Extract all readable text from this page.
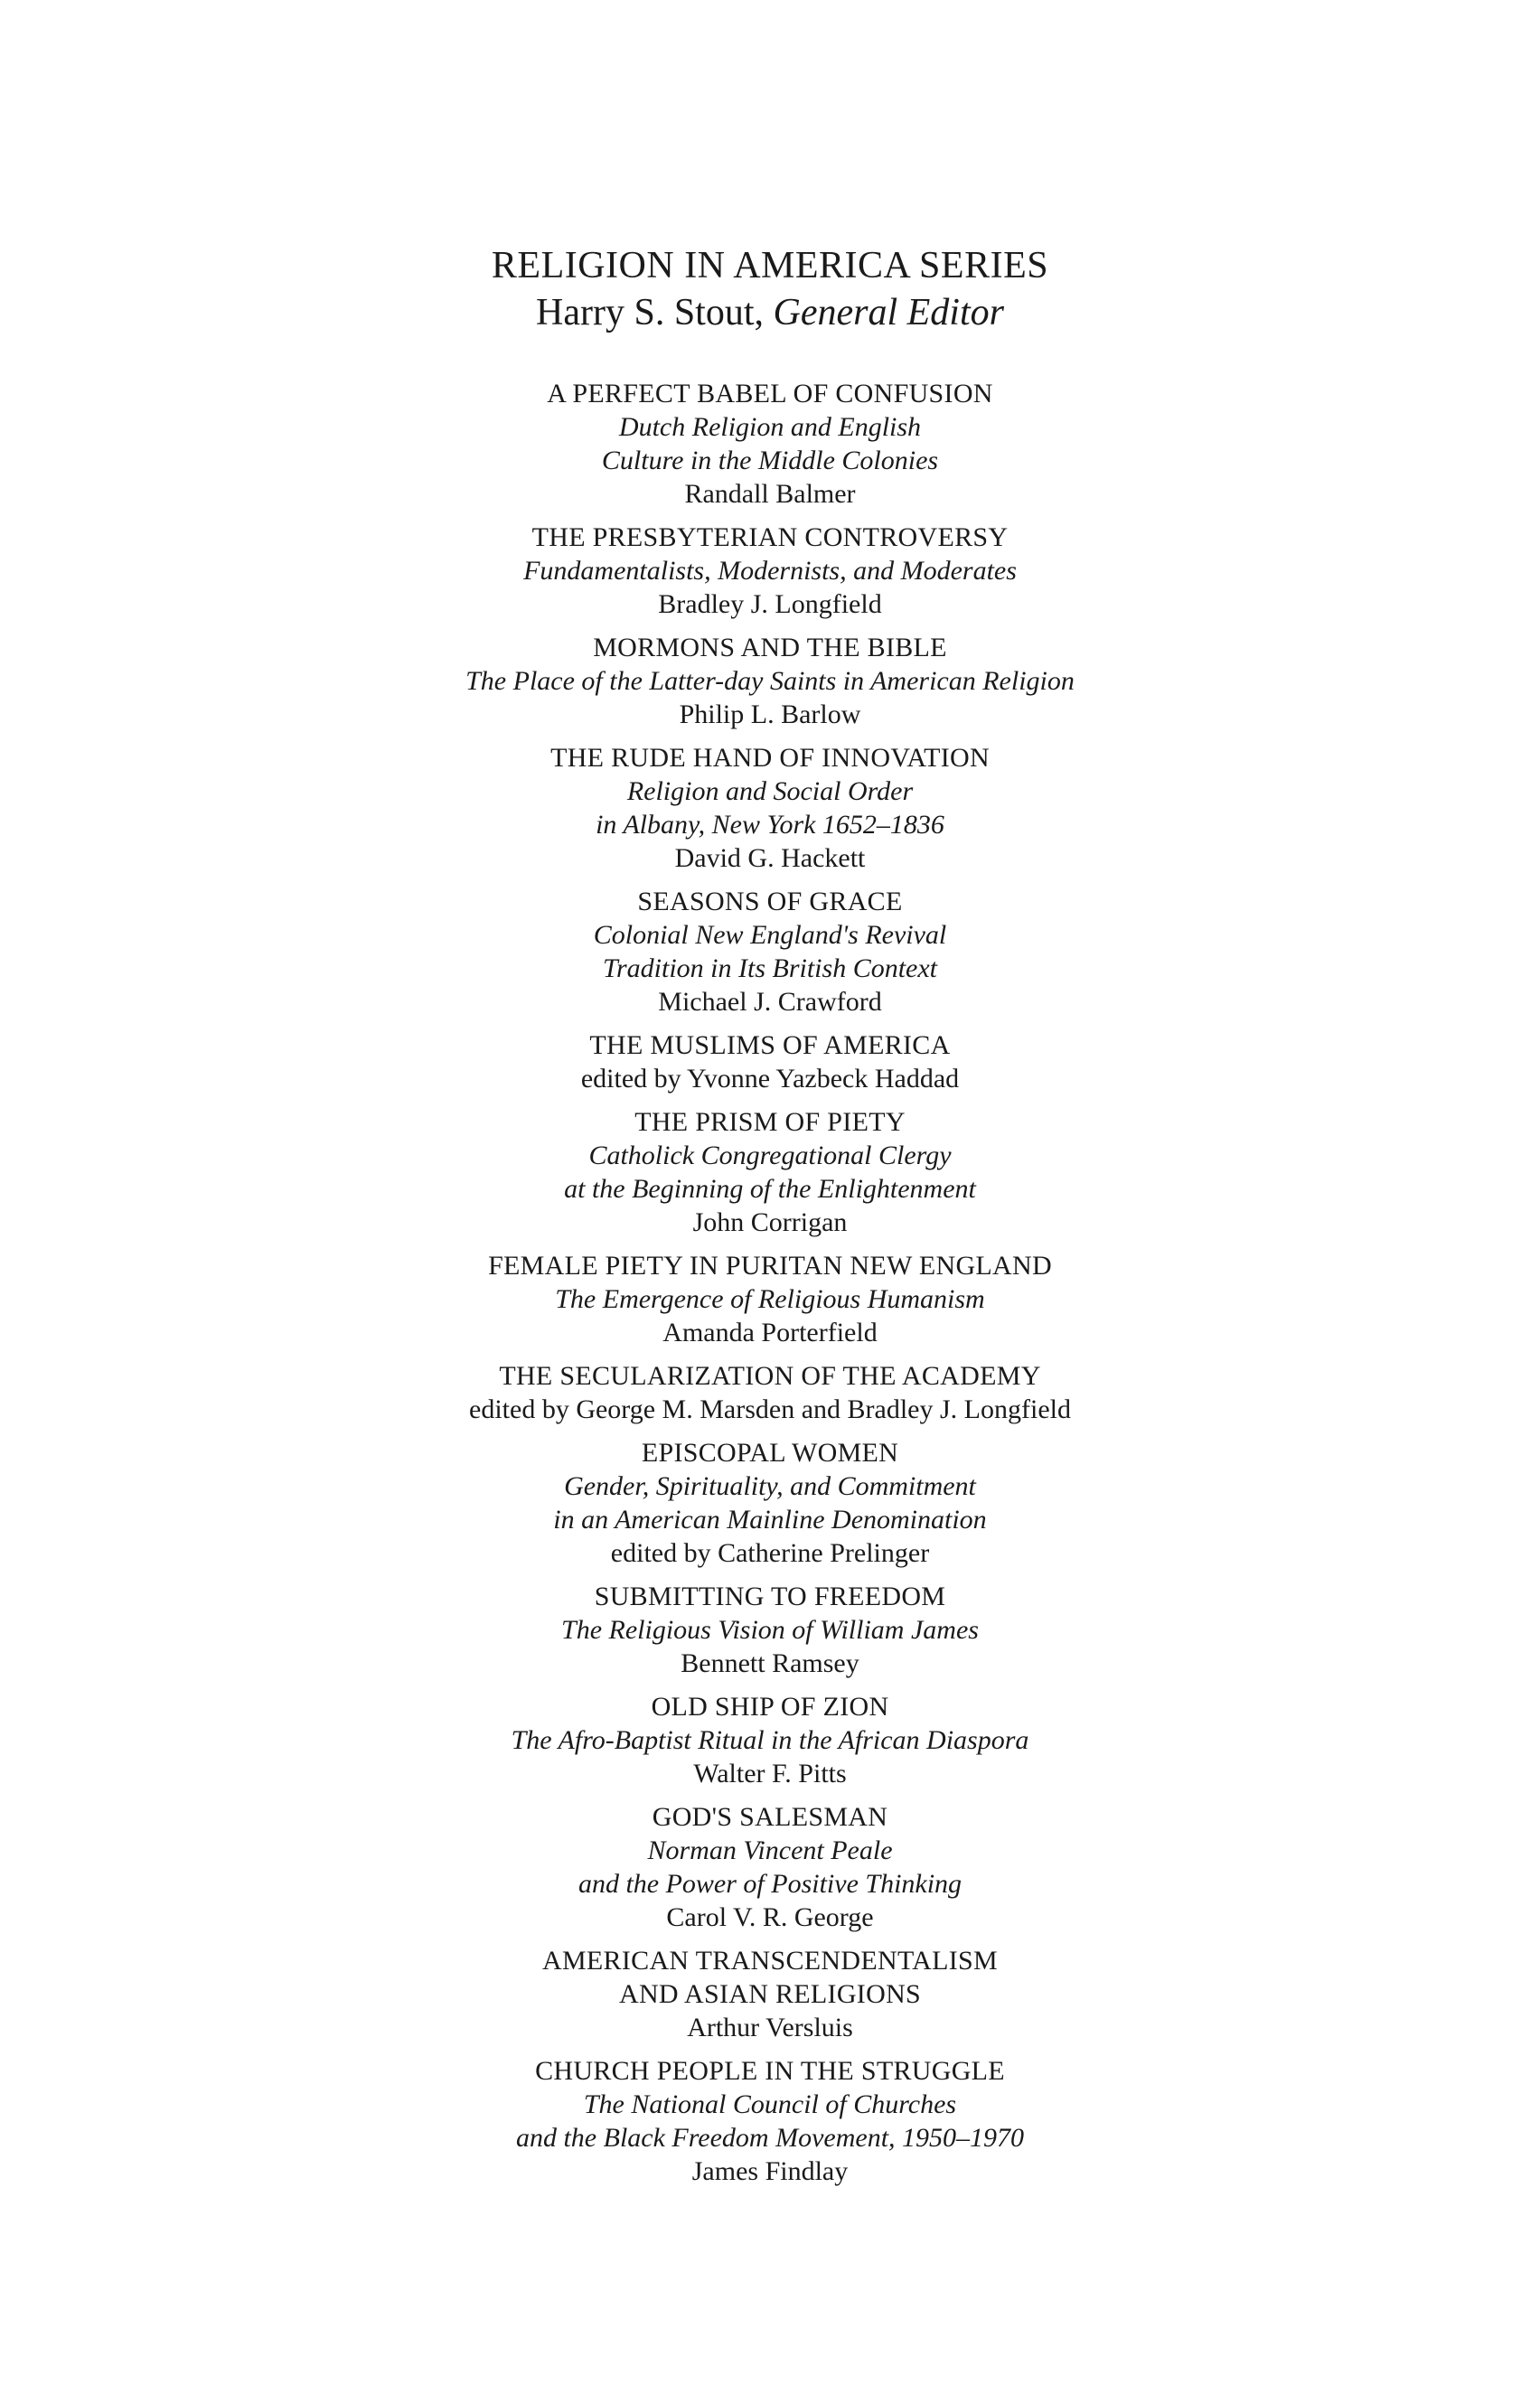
RELIGION IN AMERICA SERIES
Harry S. Stout, General Editor
A PERFECT BABEL OF CONFUSION
Dutch Religion and English
Culture in the Middle Colonies
Randall Balmer
THE PRESBYTERIAN CONTROVERSY
Fundamentalists, Modernists, and Moderates
Bradley J. Longfield
MORMONS AND THE BIBLE
The Place of the Latter-day Saints in American Religion
Philip L. Barlow
THE RUDE HAND OF INNOVATION
Religion and Social Order
in Albany, New York 1652–1836
David G. Hackett
SEASONS OF GRACE
Colonial New England's Revival
Tradition in Its British Context
Michael J. Crawford
THE MUSLIMS OF AMERICA
edited by Yvonne Yazbeck Haddad
THE PRISM OF PIETY
Catholick Congregational Clergy
at the Beginning of the Enlightenment
John Corrigan
FEMALE PIETY IN PURITAN NEW ENGLAND
The Emergence of Religious Humanism
Amanda Porterfield
THE SECULARIZATION OF THE ACADEMY
edited by George M. Marsden and Bradley J. Longfield
EPISCOPAL WOMEN
Gender, Spirituality, and Commitment
in an American Mainline Denomination
edited by Catherine Prelinger
SUBMITTING TO FREEDOM
The Religious Vision of William James
Bennett Ramsey
OLD SHIP OF ZION
The Afro-Baptist Ritual in the African Diaspora
Walter F. Pitts
GOD'S SALESMAN
Norman Vincent Peale
and the Power of Positive Thinking
Carol V. R. George
AMERICAN TRANSCENDENTALISM
AND ASIAN RELIGIONS
Arthur Versluis
CHURCH PEOPLE IN THE STRUGGLE
The National Council of Churches
and the Black Freedom Movement, 1950–1970
James Findlay
